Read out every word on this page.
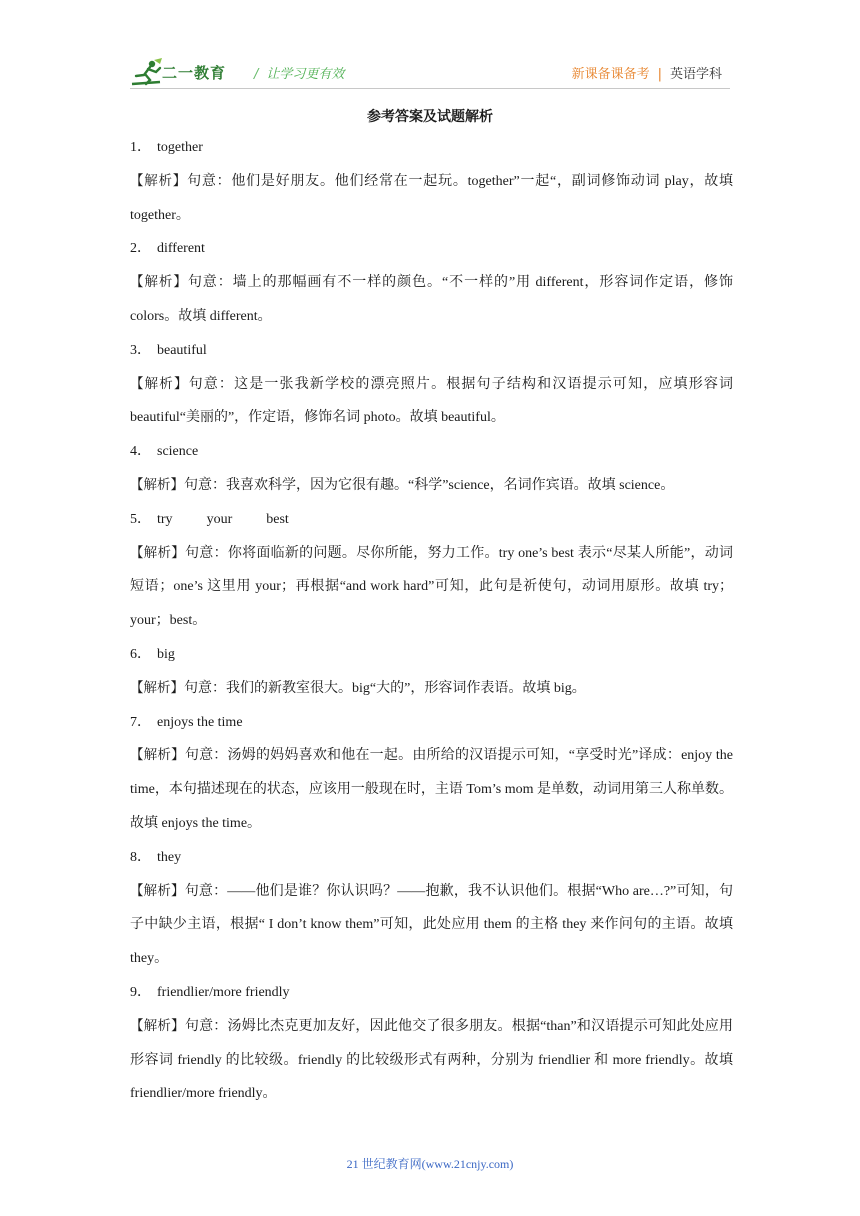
二一教育 / 让学习更有效	新课备课备考 | 英语学科
参考答案及试题解析
1． together
【解析】句意：他们是好朋友。他们经常在一起玩。together”一起“，副词修饰动词 play，故填 together。
2． different
【解析】句意：墙上的那幅画有不一样的颜色。“不一样的”用 different，形容词作定语，修饰 colors。故填 different。
3． beautiful
【解析】句意：这是一张我新学校的漂亮照片。根据句子结构和汉语提示可知，应填形容词 beautiful“美丽的”，作定语，修饰名词 photo。故填 beautiful。
4． science
【解析】句意：我喜欢科学，因为它很有趣。“科学”science，名词作宾语。故填 science。
5． try your best
【解析】句意：你将面临新的问题。尽你所能，努力工作。try one’s best 表示“尽某人所能”，动词短语；one’s 这里用 your；再根据“and work hard”可知，此句是祈使句，动词用原形。故填 try；your；best。
6． big
【解析】句意：我们的新教室很大。big“大的”，形容词作表语。故填 big。
7． enjoys the time
【解析】句意：汤姆的妈妈喜欢和他在一起。由所给的汉语提示可知，“享受时光”译成：enjoy the time，本句描述现在的状态，应该用一般现在时，主语 Tom’s mom 是单数，动词用第三人称单数。故填 enjoys the time。
8． they
【解析】句意：——他们是谁？你认识吗？——抱歉，我不认识他们。根据“Who are…?”可知，句子中缺少主语，根据“ I don’t know them”可知，此处应用 them 的主格 they 来作问句的主语。故填 they。
9． friendlier/more friendly
【解析】句意：汤姆比杰克更加友好，因此他交了很多朋友。根据“than”和汉语提示可知此处应用形容词 friendly 的比较级。friendly 的比较级形式有两种，分别为 friendlier 和 more friendly。故填 friendlier/more friendly。
21 世纪教育网(www.21cnjy.com)
